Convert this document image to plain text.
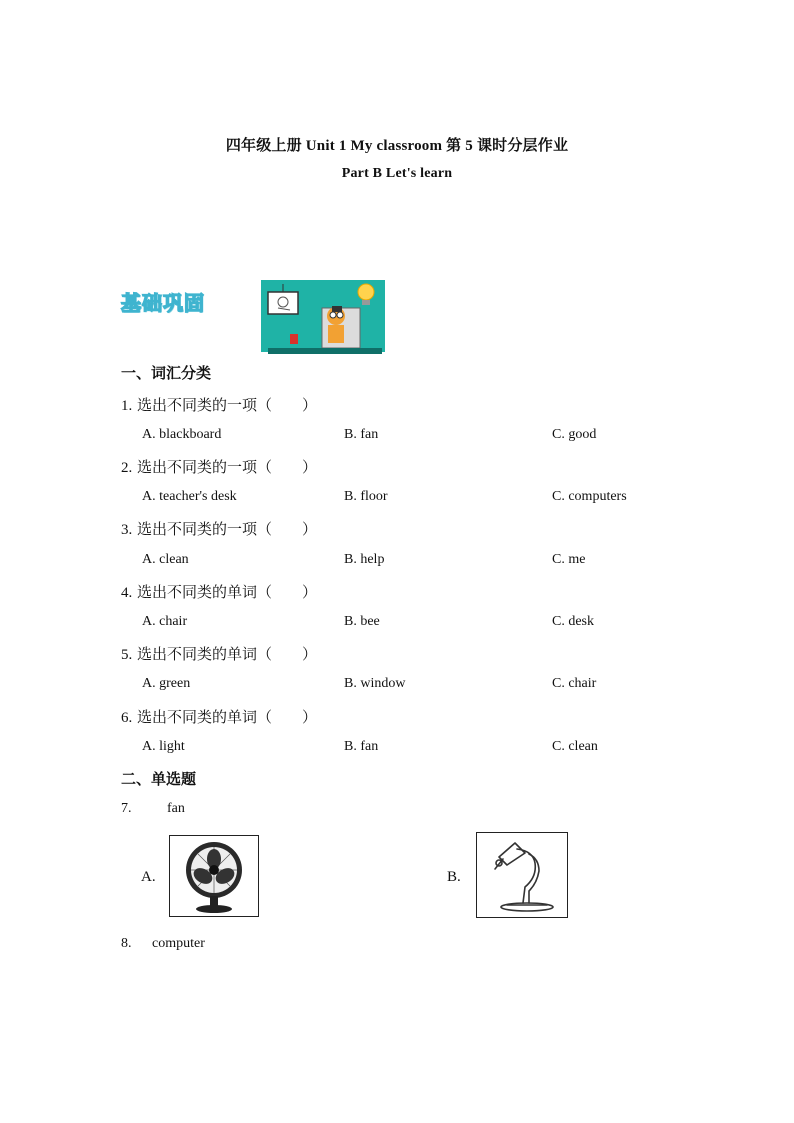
四年级上册 Unit 1 My classroom 第 5 课时分层作业
Part B Let's learn
基础巩固
一、词汇分类
1. 选出不同类的一项（　　）
A. blackboard	B. fan	C. good
2. 选出不同类的一项（　　）
A. teacher's desk	B. floor	C. computers
3. 选出不同类的一项（　　）
A. clean	B. help	C. me
4. 选出不同类的单词（　　）
A. chair	B. bee	C. desk
5. 选出不同类的单词（　　）
A. green	B. window	C. chair
6. 选出不同类的单词（　　）
A. light	B. fan	C. clean
二、单选题
7.	fan
A.	B.
8. computer
